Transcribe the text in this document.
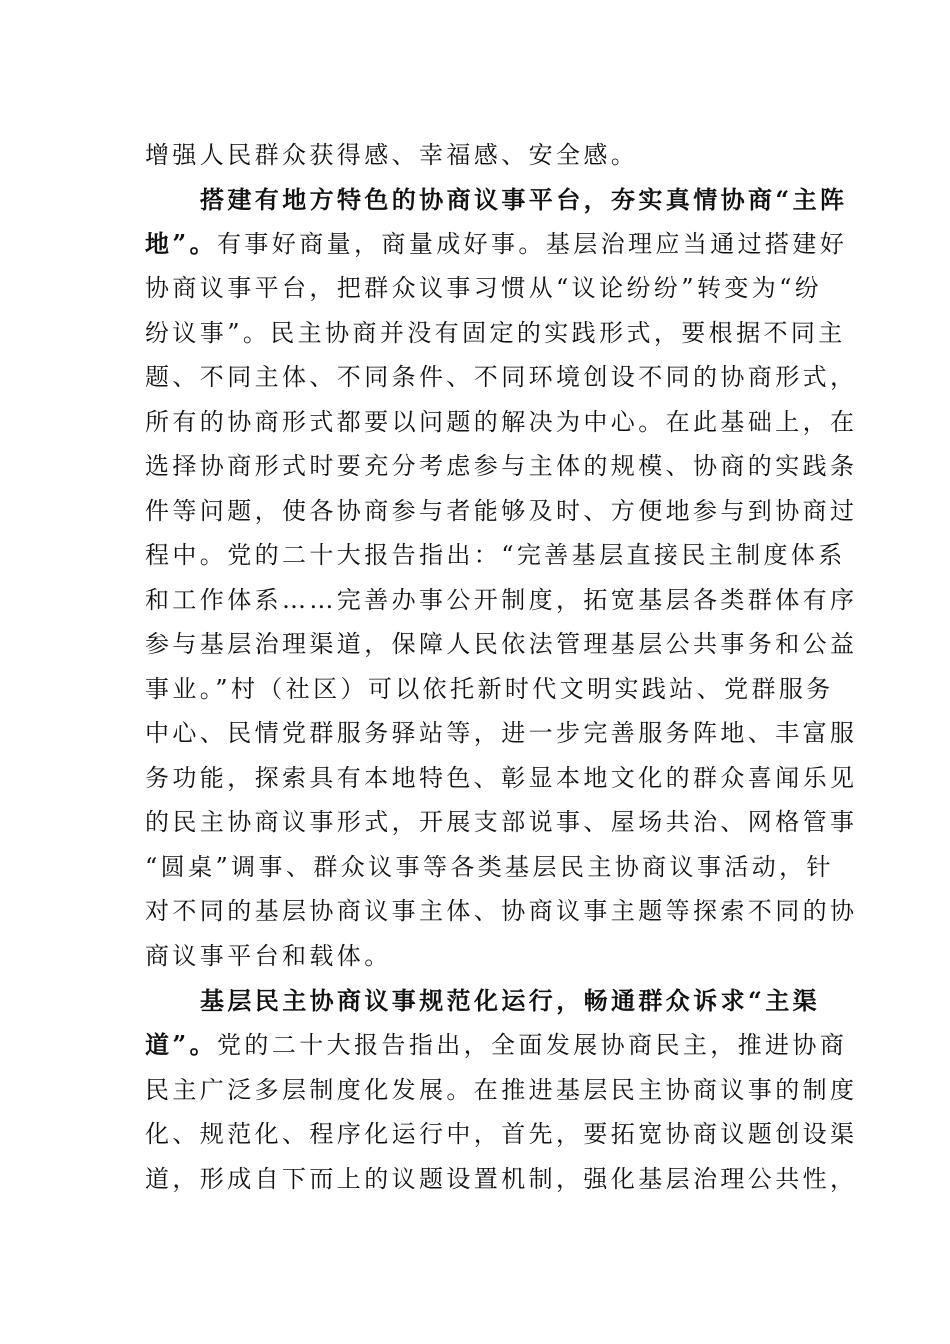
增强人民群众获得感、幸福感、安全感。
搭建有地方特色的协商议事平台，夯实真情协商“主阵
地”。有事好商量，商量成好事。基层治理应当通过搭建好
协商议事平台，把群众议事习惯从“议论纷纷”转变为“纷
纷议事”。民主协商并没有固定的实践形式，要根据不同主
题、不同主体、不同条件、不同环境创设不同的协商形式，
所有的协商形式都要以问题的解决为中心。在此基础上，在
选择协商形式时要充分考虑参与主体的规模、协商的实践条
件等问题，使各协商参与者能够及时、方便地参与到协商过
程中。党的二十大报告指出：“完善基层直接民主制度体系
和工作体系……完善办事公开制度，拓宽基层各类群体有序
参与基层治理渠道，保障人民依法管理基层公共事务和公益
事业。”村（社区）可以依托新时代文明实践站、党群服务
中心、民情党群服务驿站等，进一步完善服务阵地、丰富服
务功能，探索具有本地特色、彰显本地文化的群众喜闻乐见
的民主协商议事形式，开展支部说事、屋场共治、网格管事
“圆桌”调事、群众议事等各类基层民主协商议事活动，针
对不同的基层协商议事主体、协商议事主题等探索不同的协
商议事平台和载体。
基层民主协商议事规范化运行，畅通群众诉求“主渠
道”。党的二十大报告指出，全面发展协商民主，推进协商
民主广泛多层制度化发展。在推进基层民主协商议事的制度
化、规范化、程序化运行中，首先，要拓宽协商议题创设渠
道，形成自下而上的议题设置机制，强化基层治理公共性，
